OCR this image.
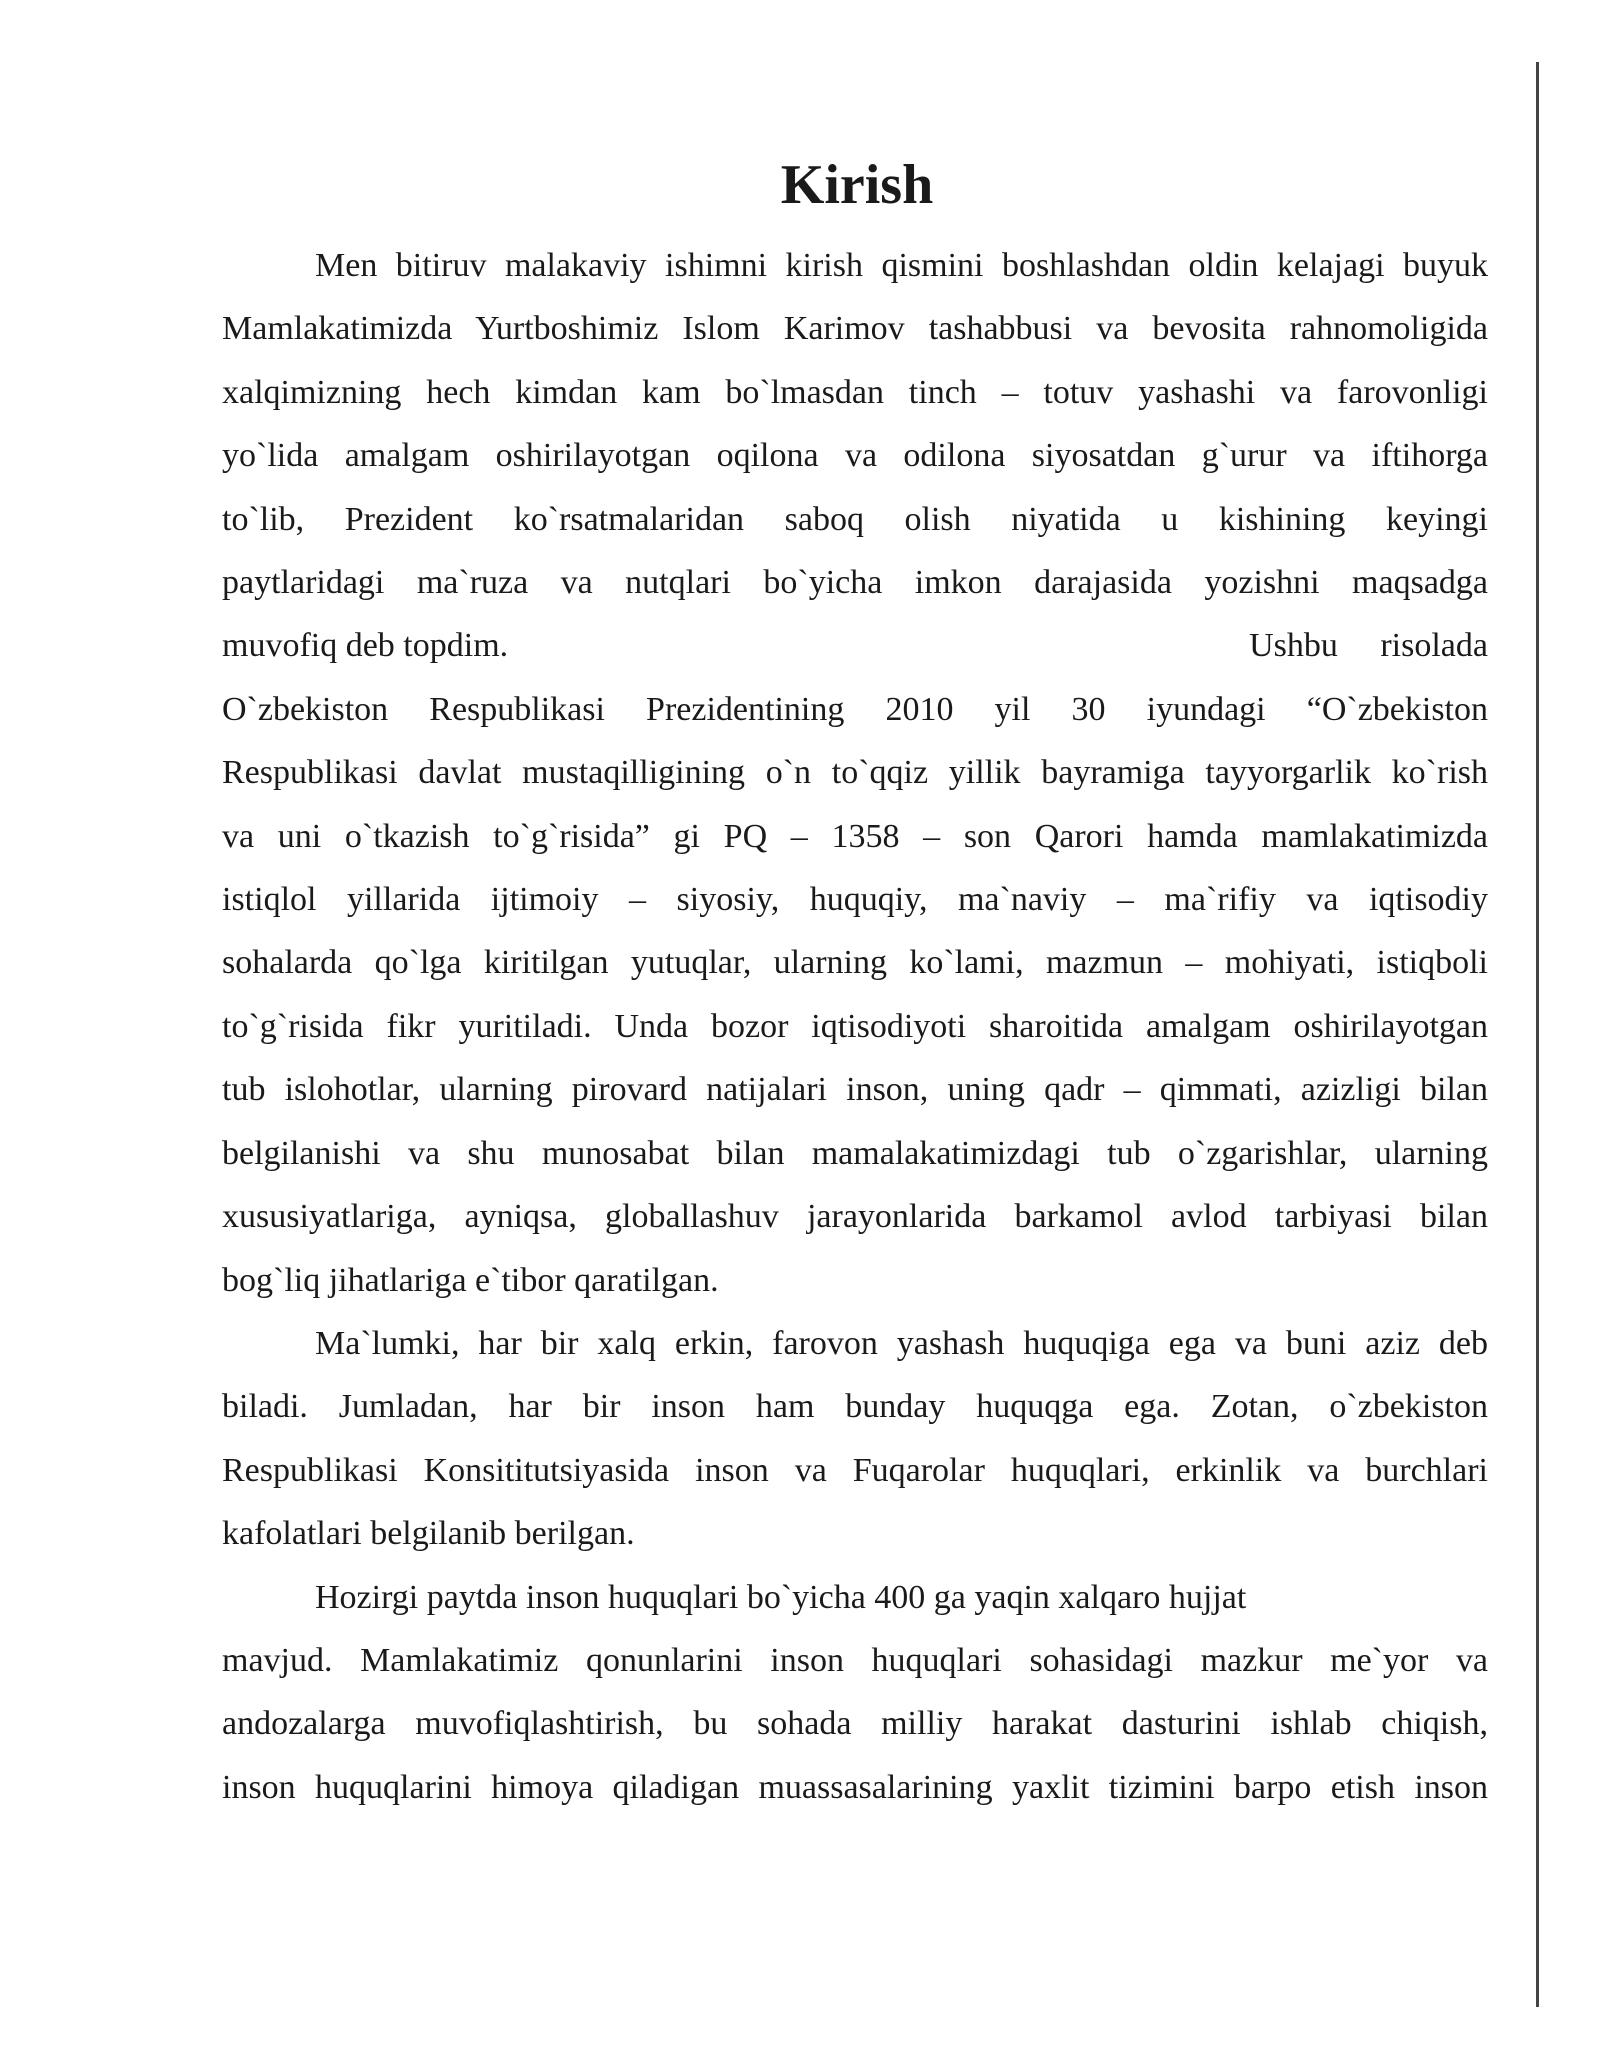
Kirish
Men bitiruv malakaviy ishimni kirish qismini boshlashdan oldin kelajagi buyuk
Mamlakatimizda Yurtboshimiz Islom Karimov tashabbusi va bevosita rahnomoligida
xalqimizning hech kimdan kam bo`lmasdan tinch – totuv yashashi va farovonligi
yo`lida amalgam oshirilayotgan oqilona va odilona siyosatdan g`urur va iftihorga
to`lib, Prezident ko`rsatmalaridan saboq olish niyatida u kishining keyingi
paytlaridagi ma`ruza va nutqlari bo`yicha imkon darajasida yozishni maqsadga
muvofiq deb topdim.	Ushbu risolada
O`zbekiston Respublikasi Prezidentining 2010 yil 30 iyundagi “O`zbekiston
Respublikasi davlat mustaqilligining o`n to`qqiz yillik bayramiga tayyorgarlik ko`rish
va uni o`tkazish to`g`risida” gi PQ – 1358 – son Qarori hamda mamlakatimizda
istiqlol yillarida ijtimoiy – siyosiy, huquqiy, ma`naviy – ma`rifiy va iqtisodiy
sohalarda qo`lga kiritilgan yutuqlar, ularning ko`lami, mazmun – mohiyati, istiqboli
to`g`risida fikr yuritiladi. Unda bozor iqtisodiyoti sharoitida amalgam oshirilayotgan
tub islohotlar, ularning pirovard natijalari inson, uning qadr – qimmati, azizligi bilan
belgilanishi va shu munosabat bilan mamalakatimizdagi tub o`zgarishlar, ularning
xususiyatlariga, ayniqsa, globallashuv jarayonlarida barkamol avlod tarbiyasi bilan
bog`liq jihatlariga e`tibor qaratilgan.
Ma`lumki, har bir xalq erkin, farovon yashash huquqiga ega va buni aziz deb
biladi. Jumladan, har bir inson ham bunday huquqga ega. Zotan, o`zbekiston
Respublikasi Konsititutsiyasida inson va Fuqarolar huquqlari, erkinlik va burchlari
kafolatlari belgilanib berilgan.
Hozirgi paytda inson huquqlari bo`yicha 400 ga yaqin xalqaro hujjat
mavjud. Mamlakatimiz qonunlarini inson huquqlari sohasidagi mazkur me`yor va
andozalarga muvofiqlashtirish, bu sohada milliy harakat dasturini ishlab chiqish,
inson huquqlarini himoya qiladigan muassasalarining yaxlit tizimini barpo etish inson
